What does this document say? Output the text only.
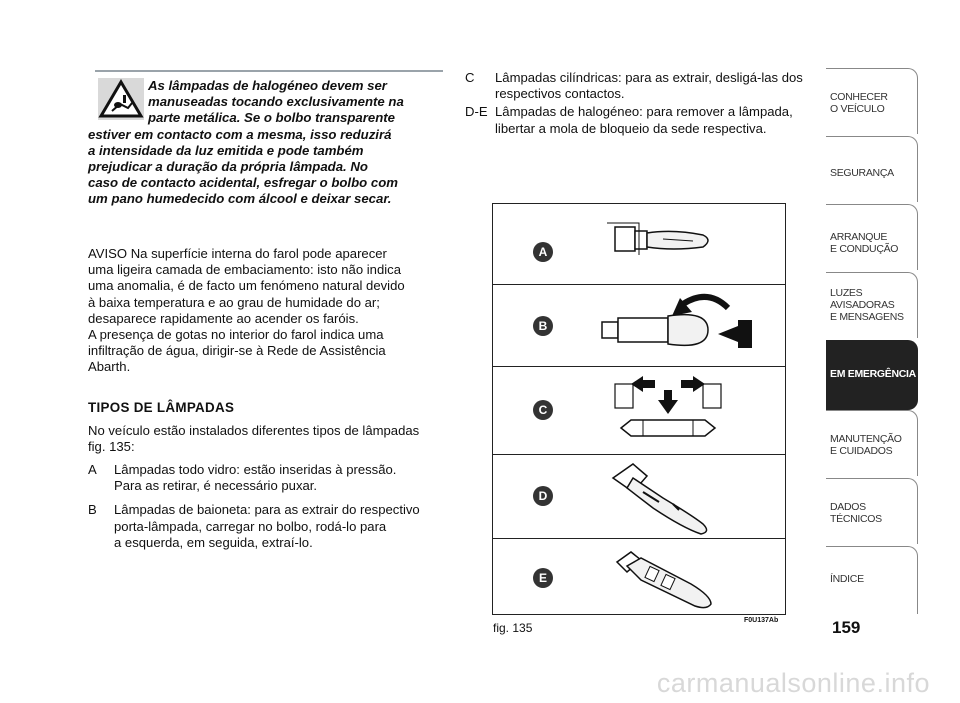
As lâmpadas de halogéneo devem ser
manuseadas tocando exclusivamente na
parte metálica. Se o bolbo transparente
estiver em contacto com a mesma, isso reduzirá
a intensidade da luz emitida e pode também
prejudicar a duração da própria lâmpada. No
caso de contacto acidental, esfregar o bolbo com
um pano humedecido com álcool e deixar secar.
AVISO Na superfície interna do farol pode aparecer
uma ligeira camada de embaciamento: isto não indica
uma anomalia, é de facto um fenómeno natural devido
à baixa temperatura e ao grau de humidade do ar;
desaparece rapidamente ao acender os faróis.
A presença de gotas no interior do farol indica uma
infiltração de água, dirigir-se à Rede de Assistência
Abarth.
TIPOS DE LÂMPADAS
No veículo estão instalados diferentes tipos de lâmpadas
fig. 135:
A	Lâmpadas todo vidro: estão inseridas à pressão.
Para as retirar, é necessário puxar.
B	Lâmpadas de baioneta: para as extrair do respectivo
porta-lâmpada, carregar no bolbo, rodá-lo para
a esquerda, em seguida, extraí-lo.
C	Lâmpadas cilíndricas: para as extrair, desligá-las dos
respectivos contactos.
D-E Lâmpadas de halogéneo: para remover a lâmpada,
libertar a mola de bloqueio da sede respectiva.
A
B
C
D
E
fig. 135
F0U137Ab
CONHECER
O VEÍCULO
SEGURANÇA
ARRANQUE
E CONDUÇÃO
LUZES
AVISADORAS
E MENSAGENS
EM EMERGÊNCIA
MANUTENÇÃO
E CUIDADOS
DADOS
TÉCNICOS
ÍNDICE
159
carmanualsonline.info
